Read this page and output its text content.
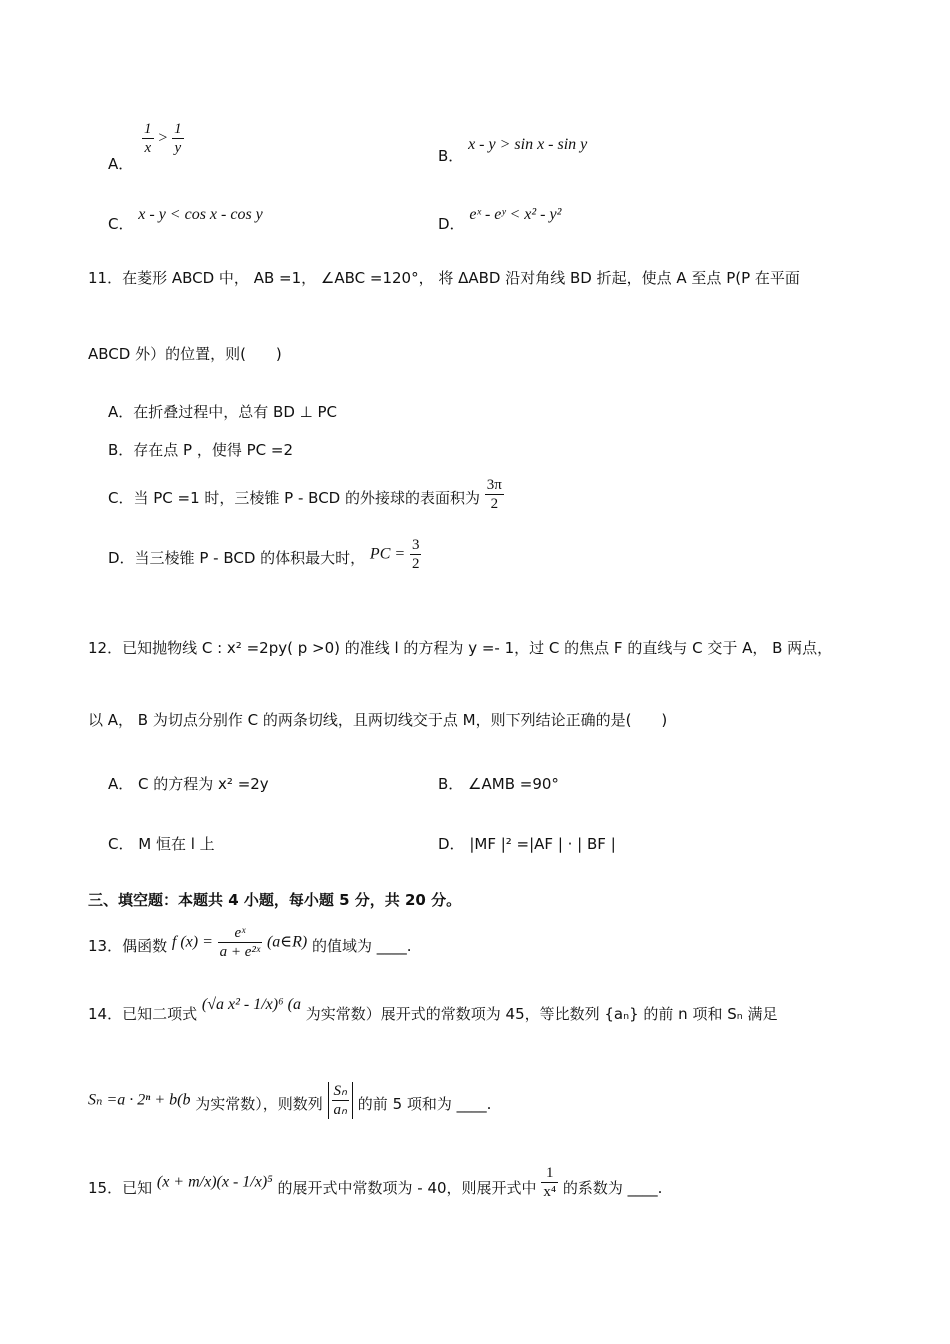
A．
$\frac{1}{x} > \frac{1}{y}$	B． x - y > sin x - sin y
C． x - y < cos x - cos y
D． eˣ - eʸ < x² - y²
11．在菱形 ABCD 中， AB =1， ∠ABC =120°， 将 ΔABD 沿对角线 BD 折起，使点 A 至点 P(P 在平面
ABCD 外）的位置，则(　　)
A．在折叠过程中，总有 BD ⊥ PC
B．存在点 P ，使得 PC =2
C．当 PC =1 时，三棱锥 P - BCD 的外接球的表面积为 $\frac{3\pi}{2}$
D．当三棱锥 P - BCD 的体积最大时， PC = $\frac{3}{2}$
12．已知抛物线 C : x² =2py( p >0) 的准线 l 的方程为 y =- 1，过 C 的焦点 F 的直线与 C 交于 A， B 两点，
以 A， B 为切点分别作 C 的两条切线，且两切线交于点 M，则下列结论正确的是(　　)
A． C 的方程为 x² =2y	B． ∠AMB =90°
C． M 恒在 l 上	D． |MF |² =|AF | · | BF |
三、填空题：本题共 4 小题，每小题 5 分，共 20 分。
13．偶函数 f $(x) = \frac{\text{eˣ}}{\text{a + e²ˣ}}$ (a∈R) 的值域为 ____.
14．已知二项式 (√a x² - 1/x)⁶ (a 为实常数）展开式的常数项为 45，等比数列 {aₙ} 的前 n 项和 Sₙ 满足
Sₙ =a · 2ⁿ + b(b 为实常数），则数列 $\frac{\text{Sₙ}}{\text{aₙ}}$ 的前 5 项和为 ____.
15．已知 (x + m/x)(x - 1/x)⁵ 的展开式中常数项为 - 40，则展开式中 $\frac{1}{\text{x⁴}}$ 的系数为 ____.
